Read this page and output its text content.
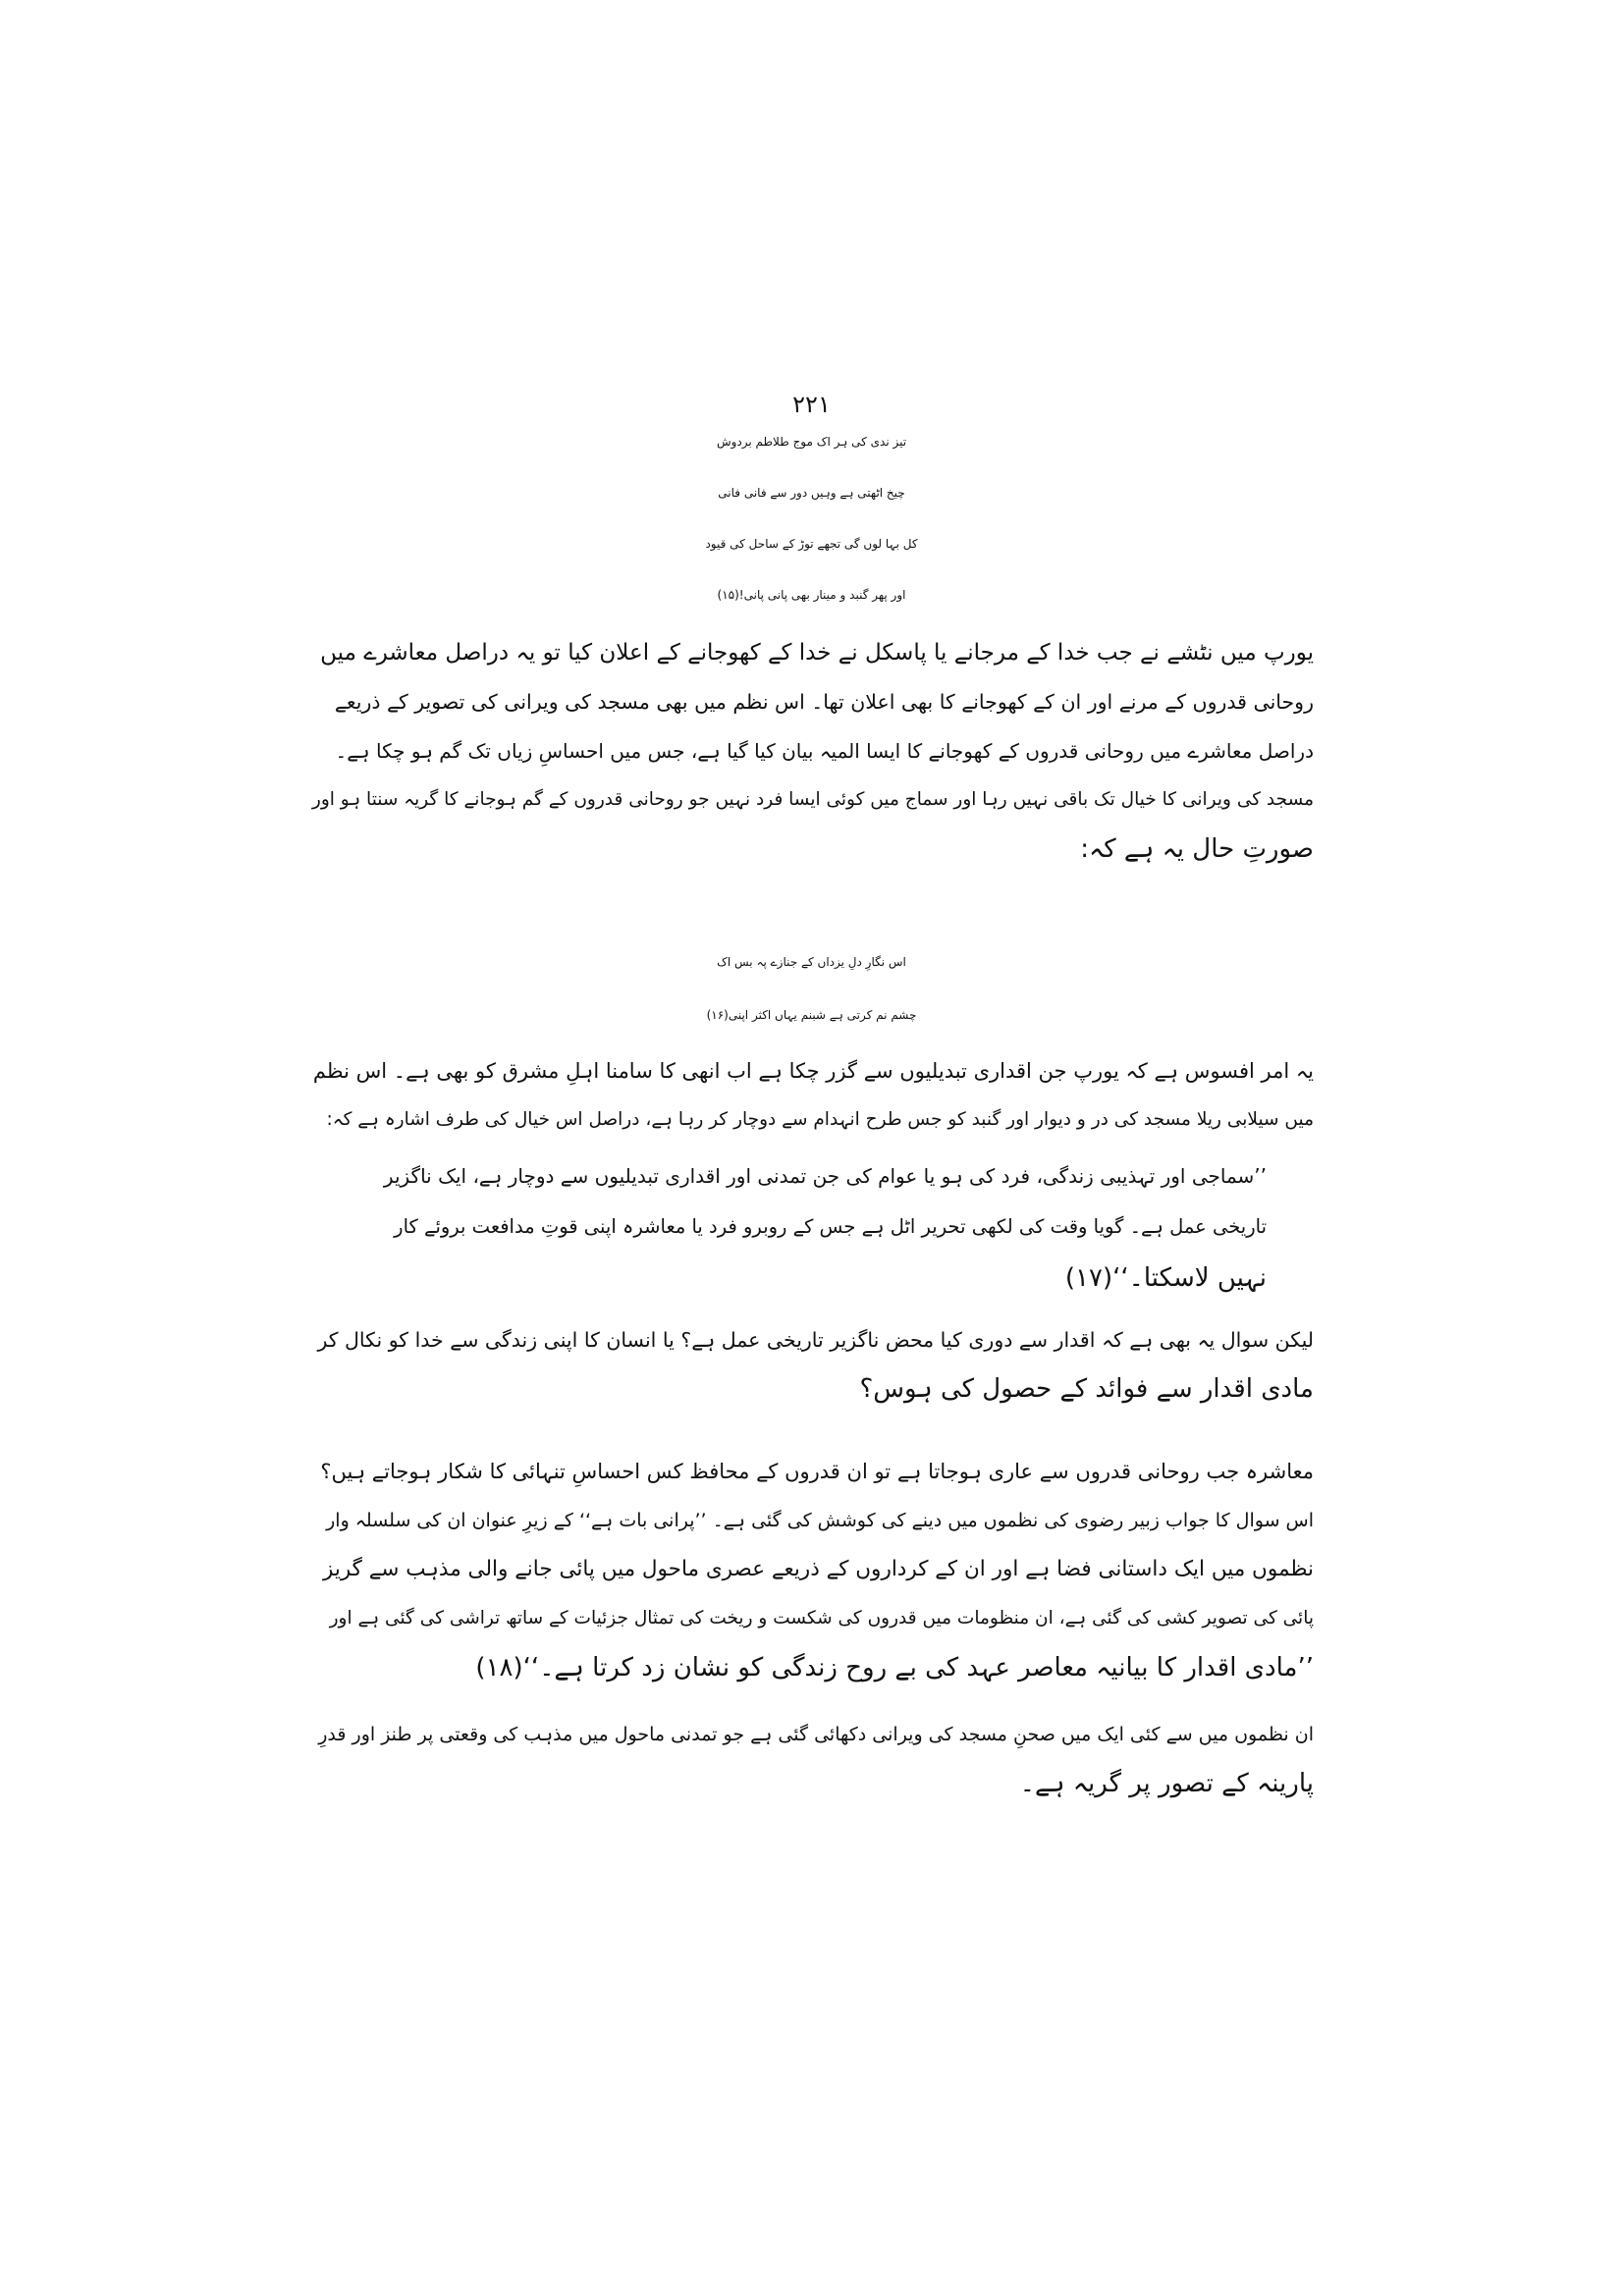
۲۲۱
تیز ندی کی ہر اک موج طلاطم بردوش
چیخ اٹھتی ہے وہیں دور سے فانی فانی
کل بہا لوں گی تجھے توڑ کے ساحل کی قیود
اور پھر گنبد و مینار بھی پانی پانی!(۱۵)
یورپ میں نٹشے نے جب خدا کے مرجانے یا پاسکل نے خدا کے کھوجانے کے اعلان کیا تو یہ دراصل معاشرے میں
روحانی قدروں کے مرنے اور ان کے کھوجانے کا بھی اعلان تھا۔ اس نظم میں بھی مسجد کی ویرانی کی تصویر کے ذریعے
دراصل معاشرے میں روحانی قدروں کے کھوجانے کا ایسا المیہ بیان کیا گیا ہے، جس میں احساسِ زیاں تک گم ہو چکا ہے۔
مسجد کی ویرانی کا خیال تک باقی نہیں رہا اور سماج میں کوئی ایسا فرد نہیں جو روحانی قدروں کے گم ہوجانے کا گریہ سنتا ہو اور
صورتِ حال یہ ہے کہ:
اس نگارِ دلِ یزداں کے جنازے پہ بس اک
چشم نم کرتی ہے شبنم یہاں اکثر اپنی(۱۶)
یہ امر افسوس ہے کہ یورپ جن اقداری تبدیلیوں سے گزر چکا ہے اب انھی کا سامنا اہلِ مشرق کو بھی ہے۔ اس نظم
میں سیلابی ریلا مسجد کی در و دیوار اور گنبد کو جس طرح انہدام سے دوچار کر رہا ہے، دراصل اس خیال کی طرف اشارہ ہے کہ:
’’سماجی اور تہذیبی زندگی، فرد کی ہو یا عوام کی جن تمدنی اور اقداری تبدیلیوں سے دوچار ہے، ایک ناگزیر
تاریخی عمل ہے۔ گویا وقت کی لکھی تحریر اٹل ہے جس کے روبرو فرد یا معاشرہ اپنی قوتِ مدافعت بروئے کار
نہیں لاسکتا۔‘‘(۱۷)
لیکن سوال یہ بھی ہے کہ اقدار سے دوری کیا محض ناگزیر تاریخی عمل ہے؟ یا انسان کا اپنی زندگی سے خدا کو نکال کر
مادی اقدار سے فوائد کے حصول کی ہوس؟
معاشرہ جب روحانی قدروں سے عاری ہوجاتا ہے تو ان قدروں کے محافظ کس احساسِ تنہائی کا شکار ہوجاتے ہیں؟
اس سوال کا جواب زبیر رضوی کی نظموں میں دینے کی کوشش کی گئی ہے۔ ’’پرانی بات ہے‘‘ کے زیرِ عنوان ان کی سلسلہ وار
نظموں میں ایک داستانی فضا ہے اور ان کے کرداروں کے ذریعے عصری ماحول میں پائی جانے والی مذہب سے گریز
پائی کی تصویر کشی کی گئی ہے، ان منظومات میں قدروں کی شکست و ریخت کی تمثال جزئیات کے ساتھ تراشی کی گئی ہے اور
’’مادی اقدار کا بیانیہ معاصر عہد کی بے روح زندگی کو نشان زد کرتا ہے۔‘‘(۱۸)
ان نظموں میں سے کئی ایک میں صحنِ مسجد کی ویرانی دکھائی گئی ہے جو تمدنی ماحول میں مذہب کی وقعتی پر طنز اور قدرِ
پارینہ کے تصور پر گریہ ہے۔
